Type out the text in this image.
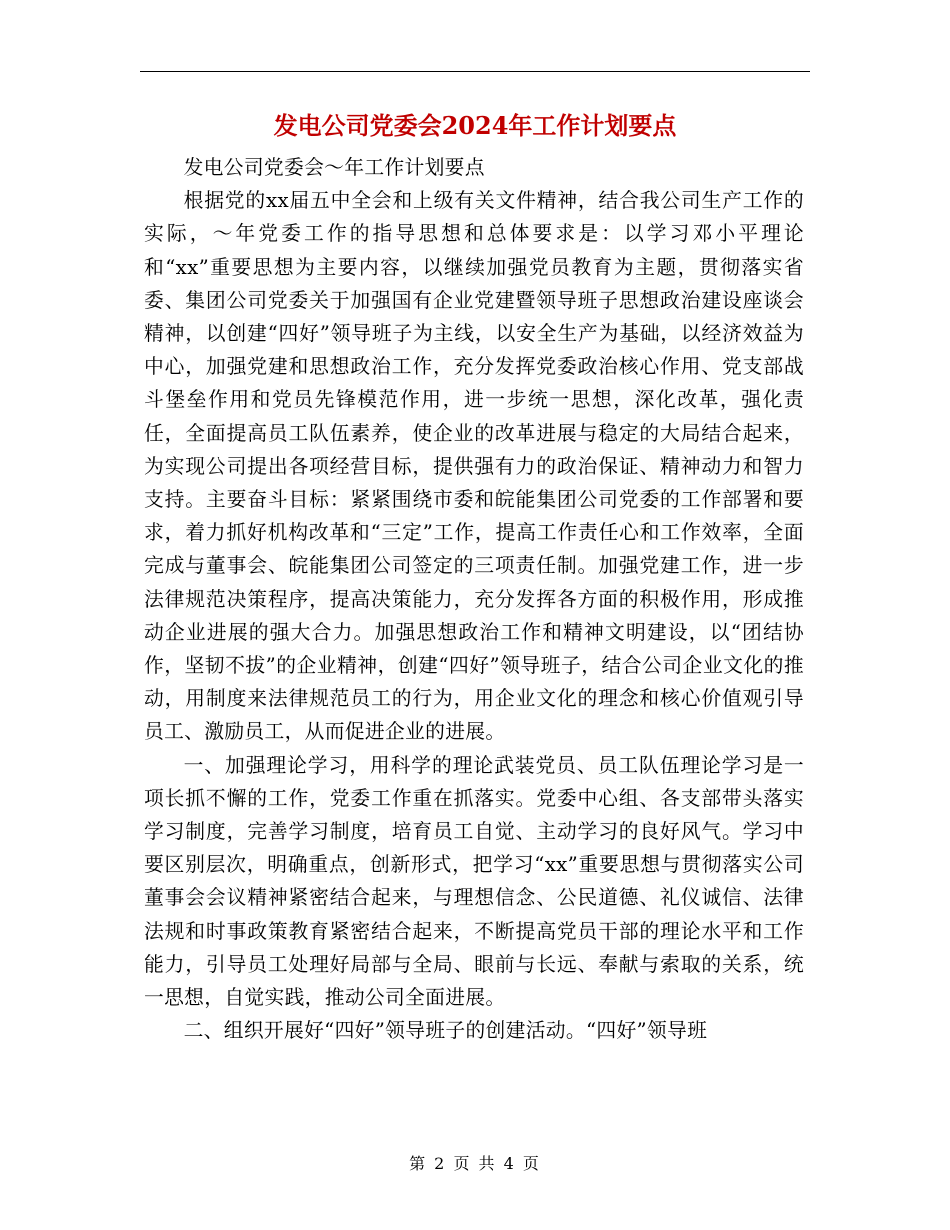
发电公司党委会2024年工作计划要点

发电公司党委会～年工作计划要点

根据党的xx届五中全会和上级有关文件精神，结合我公司生产工作的实际，～年党委工作的指导思想和总体要求是：以学习邓小平理论和“xx”重要思想为主要内容，以继续加强党员教育为主题，贯彻落实省委、集团公司党委关于加强国有企业党建暨领导班子思想政治建设座谈会精神，以创建“四好”领导班子为主线，以安全生产为基础，以经济效益为中心，加强党建和思想政治工作，充分发挥党委政治核心作用、党支部战斗堡垒作用和党员先锋模范作用，进一步统一思想，深化改革，强化责任，全面提高员工队伍素养，使企业的改革进展与稳定的大局结合起来，为实现公司提出各项经营目标，提供强有力的政治保证、精神动力和智力支持。主要奋斗目标：紧紧围绕市委和皖能集团公司党委的工作部署和要求，着力抓好机构改革和“三定”工作，提高工作责任心和工作效率，全面完成与董事会、皖能集团公司签定的三项责任制。加强党建工作，进一步法律规范决策程序，提高决策能力，充分发挥各方面的积极作用，形成推动企业进展的强大合力。加强思想政治工作和精神文明建设，以“团结协作，坚韧不拔”的企业精神，创建“四好”领导班子，结合公司企业文化的推动，用制度来法律规范员工的行为，用企业文化的理念和核心价值观引导员工、激励员工，从而促进企业的进展。

一、加强理论学习，用科学的理论武装党员、员工队伍理论学习是一项长抓不懈的工作，党委工作重在抓落实。党委中心组、各支部带头落实学习制度，完善学习制度，培育员工自觉、主动学习的良好风气。学习中要区别层次，明确重点，创新形式，把学习“xx”重要思想与贯彻落实公司董事会会议精神紧密结合起来，与理想信念、公民道德、礼仪诚信、法律法规和时事政策教育紧密结合起来，不断提高党员干部的理论水平和工作能力，引导员工处理好局部与全局、眼前与长远、奉献与索取的关系，统一思想，自觉实践，推动公司全面进展。

二、组织开展好“四好”领导班子的创建活动。“四好”领导班

第 2 页 共 4 页
